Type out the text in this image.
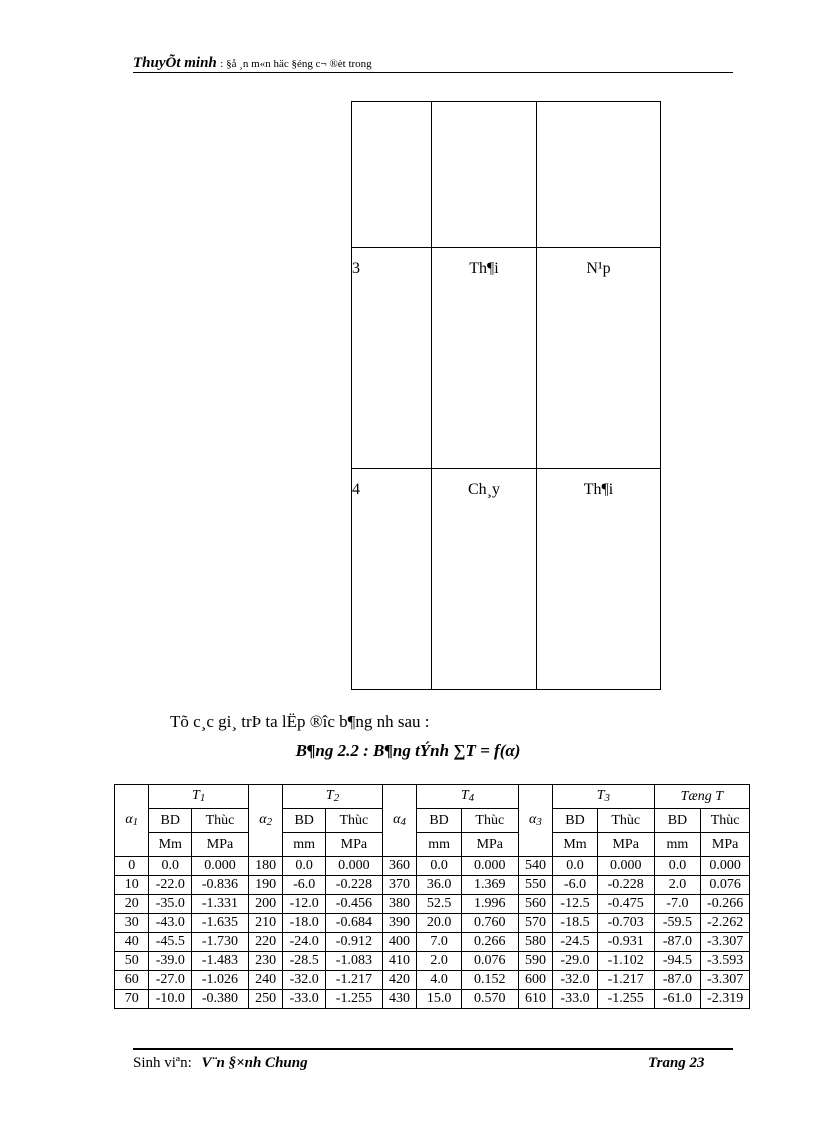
ThuyÕt minh : §å ¸n m«n häc §éng c¬ ®èt trong

3	Th¶i	N¹p

4	Ch¸y	Th¶i
Tõ c¸c gi¸ trÞ ta lËp ®îc b¶ng nh sau :
B¶ng 2.2 : B¶ng tÝnh ∑T = f(α)
α1	T1		α2	T2		α4	T4		α3	T3		Tæng T	
	BD	Thùc		BD	Thùc		BD	Thùc		BD	Thùc	BD	Thùc
	Mm	MPa		mm	MPa		mm	MPa		Mm	MPa	mm	MPa
0	0.0	0.000	180	0.0	0.000	360	0.0	0.000	540	0.0	0.000	0.0	0.000
10	-22.0	-0.836	190	-6.0	-0.228	370	36.0	1.369	550	-6.0	-0.228	2.0	0.076
20	-35.0	-1.331	200	-12.0	-0.456	380	52.5	1.996	560	-12.5	-0.475	-7.0	-0.266
30	-43.0	-1.635	210	-18.0	-0.684	390	20.0	0.760	570	-18.5	-0.703	-59.5	-2.262
40	-45.5	-1.730	220	-24.0	-0.912	400	7.0	0.266	580	-24.5	-0.931	-87.0	-3.307
50	-39.0	-1.483	230	-28.5	-1.083	410	2.0	0.076	590	-29.0	-1.102	-94.5	-3.593
60	-27.0	-1.026	240	-32.0	-1.217	420	4.0	0.152	600	-32.0	-1.217	-87.0	-3.307
70	-10.0	-0.380	250	-33.0	-1.255	430	15.0	0.570	610	-33.0	-1.255	-61.0	-2.319
Sinh viªn: V¨n §×nh Chung	Trang 23
